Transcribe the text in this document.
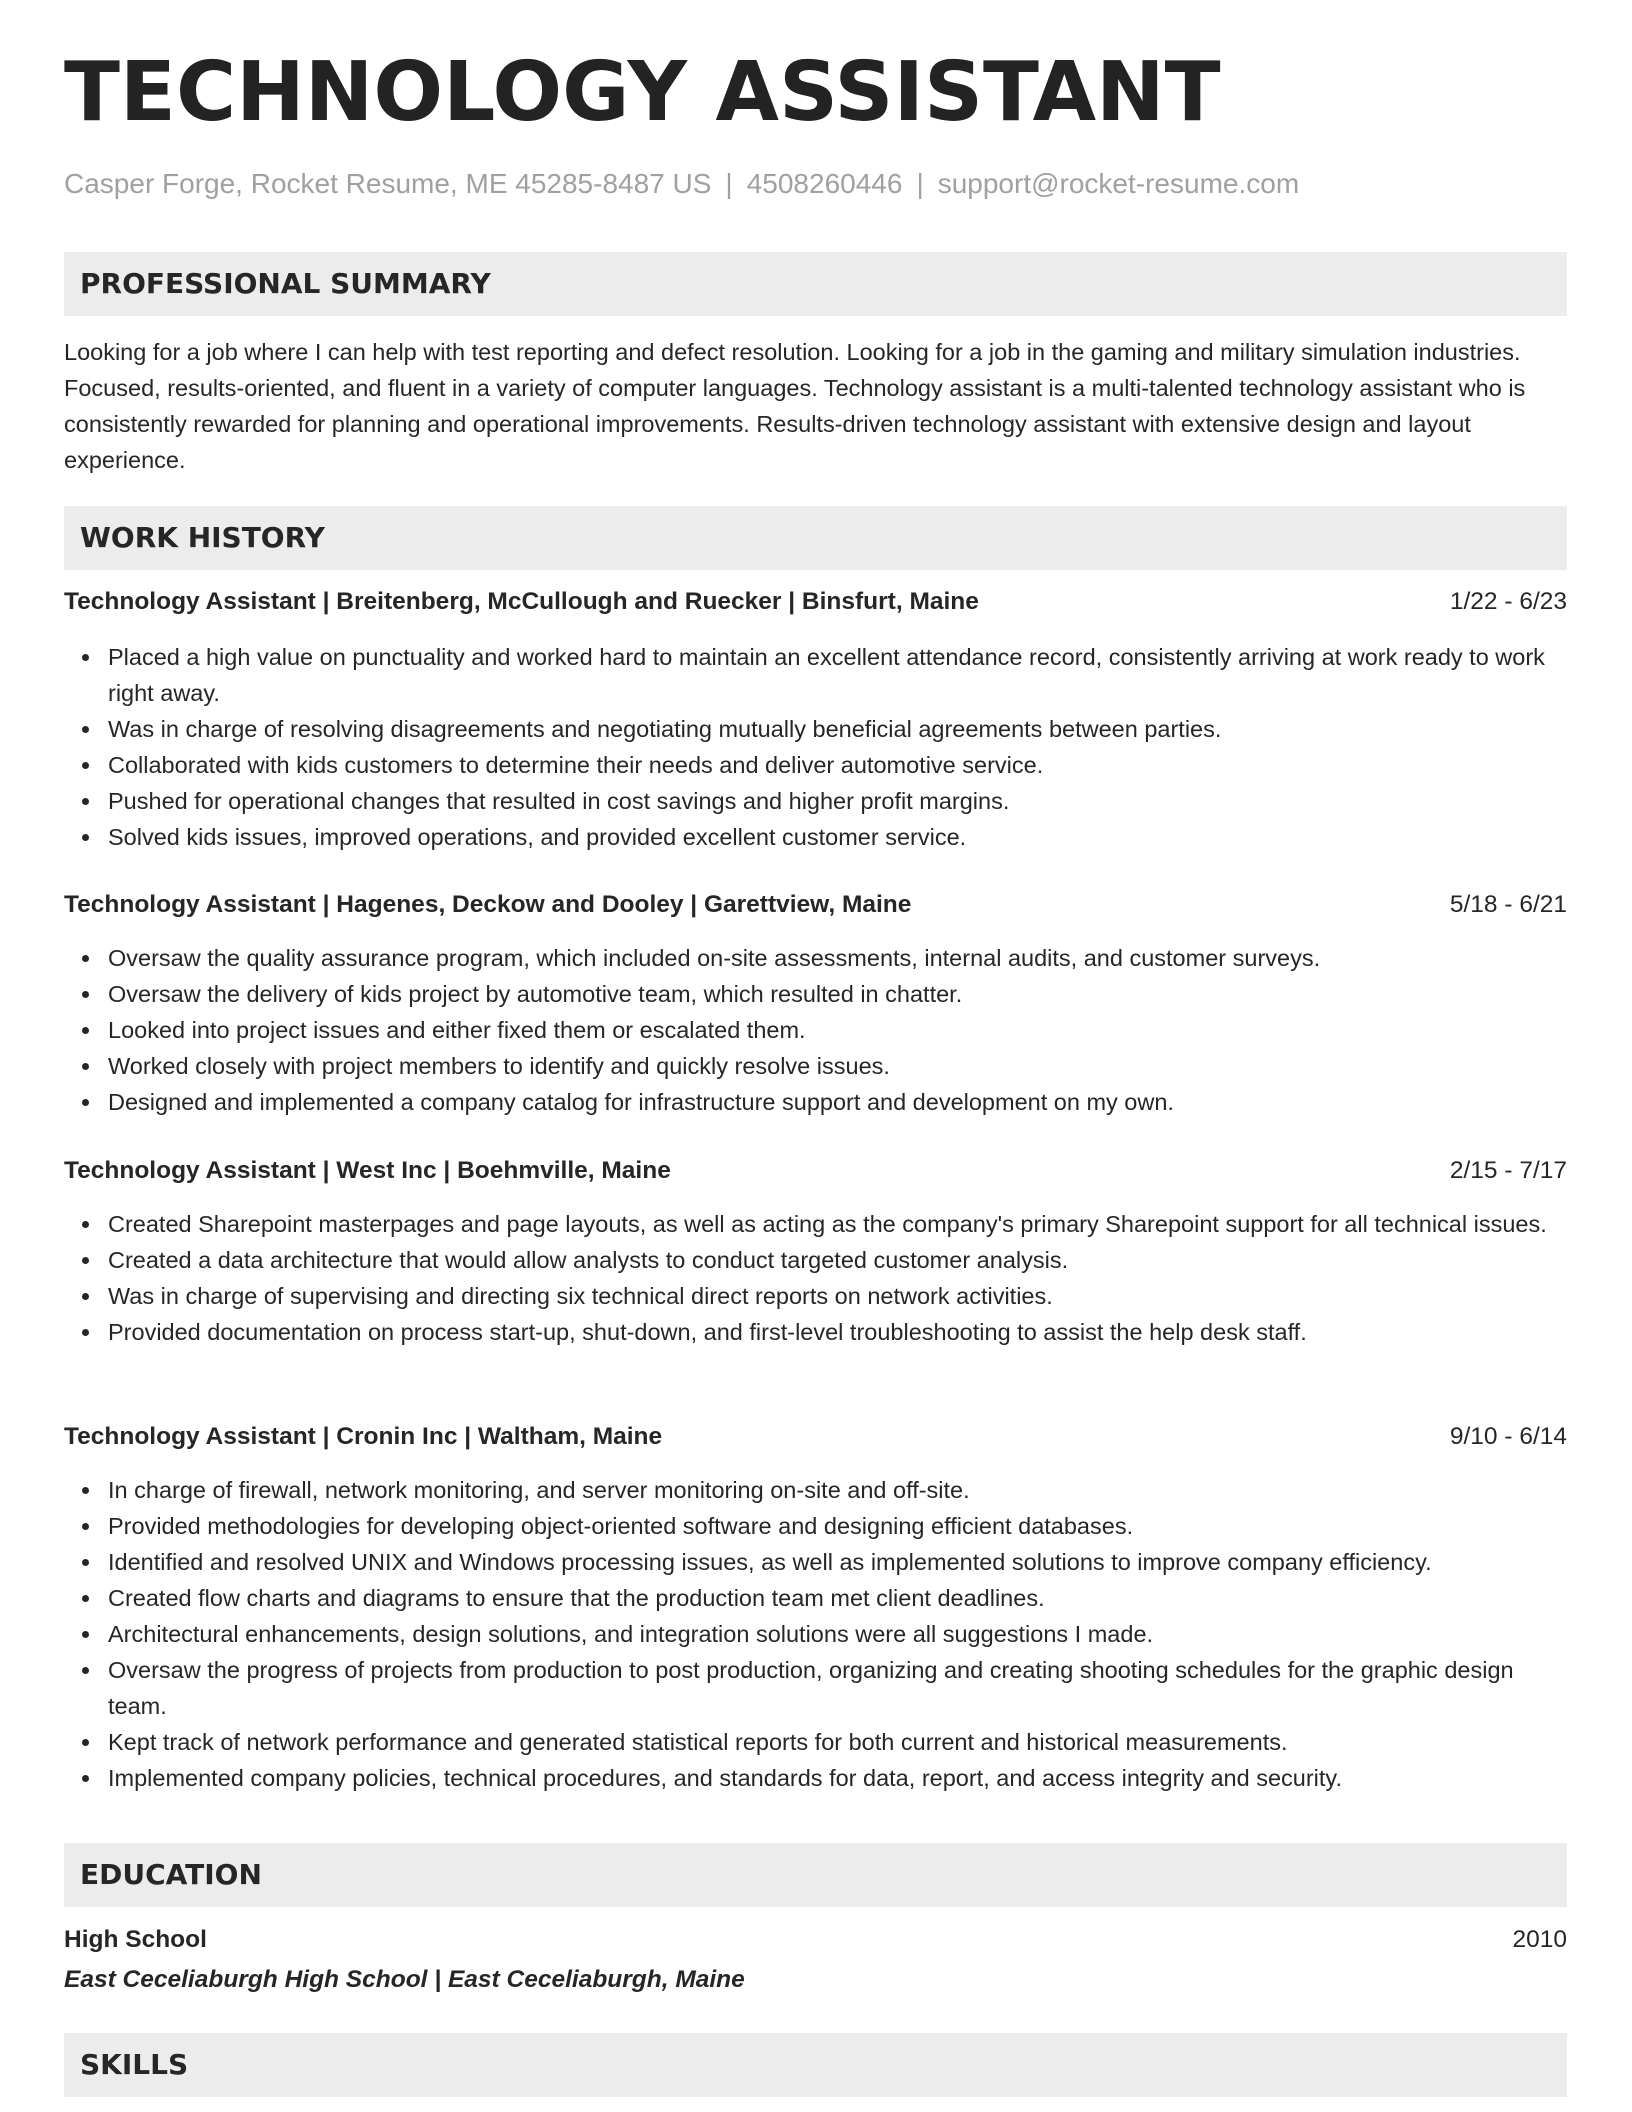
TECHNOLOGY ASSISTANT
Casper Forge, Rocket Resume, ME 45285-8487 US | 4508260446 | support@rocket-resume.com
PROFESSIONAL SUMMARY

Looking for a job where I can help with test reporting and defect resolution. Looking for a job in the gaming and military simulation industries. Focused, results-oriented, and fluent in a variety of computer languages. Technology assistant is a multi-talented technology assistant who is consistently rewarded for planning and operational improvements. Results-driven technology assistant with extensive design and layout experience.

WORK HISTORY
Technology Assistant | Breitenberg, McCullough and Ruecker | Binsfurt, Maine	1/22 - 6/23
Placed a high value on punctuality and worked hard to maintain an excellent attendance record, consistently arriving at work ready to work right away.
Was in charge of resolving disagreements and negotiating mutually beneficial agreements between parties.
Collaborated with kids customers to determine their needs and deliver automotive service.
Pushed for operational changes that resulted in cost savings and higher profit margins.
Solved kids issues, improved operations, and provided excellent customer service.
Technology Assistant | Hagenes, Deckow and Dooley | Garettview, Maine	5/18 - 6/21
Oversaw the quality assurance program, which included on-site assessments, internal audits, and customer surveys.
Oversaw the delivery of kids project by automotive team, which resulted in chatter.
Looked into project issues and either fixed them or escalated them.
Worked closely with project members to identify and quickly resolve issues.
Designed and implemented a company catalog for infrastructure support and development on my own.
Technology Assistant | West Inc | Boehmville, Maine	2/15 - 7/17
Created Sharepoint masterpages and page layouts, as well as acting as the company's primary Sharepoint support for all technical issues.
Created a data architecture that would allow analysts to conduct targeted customer analysis.
Was in charge of supervising and directing six technical direct reports on network activities.
Provided documentation on process start-up, shut-down, and first-level troubleshooting to assist the help desk staff.
Technology Assistant | Cronin Inc | Waltham, Maine	9/10 - 6/14
In charge of firewall, network monitoring, and server monitoring on-site and off-site.
Provided methodologies for developing object-oriented software and designing efficient databases.
Identified and resolved UNIX and Windows processing issues, as well as implemented solutions to improve company efficiency.
Created flow charts and diagrams to ensure that the production team met client deadlines.
Architectural enhancements, design solutions, and integration solutions were all suggestions I made.
Oversaw the progress of projects from production to post production, organizing and creating shooting schedules for the graphic design team.
Kept track of network performance and generated statistical reports for both current and historical measurements.
Implemented company policies, technical procedures, and standards for data, report, and access integrity and security.
EDUCATION
High School	2010
East Ceceliaburgh High School | East Ceceliaburgh, Maine
SKILLS
